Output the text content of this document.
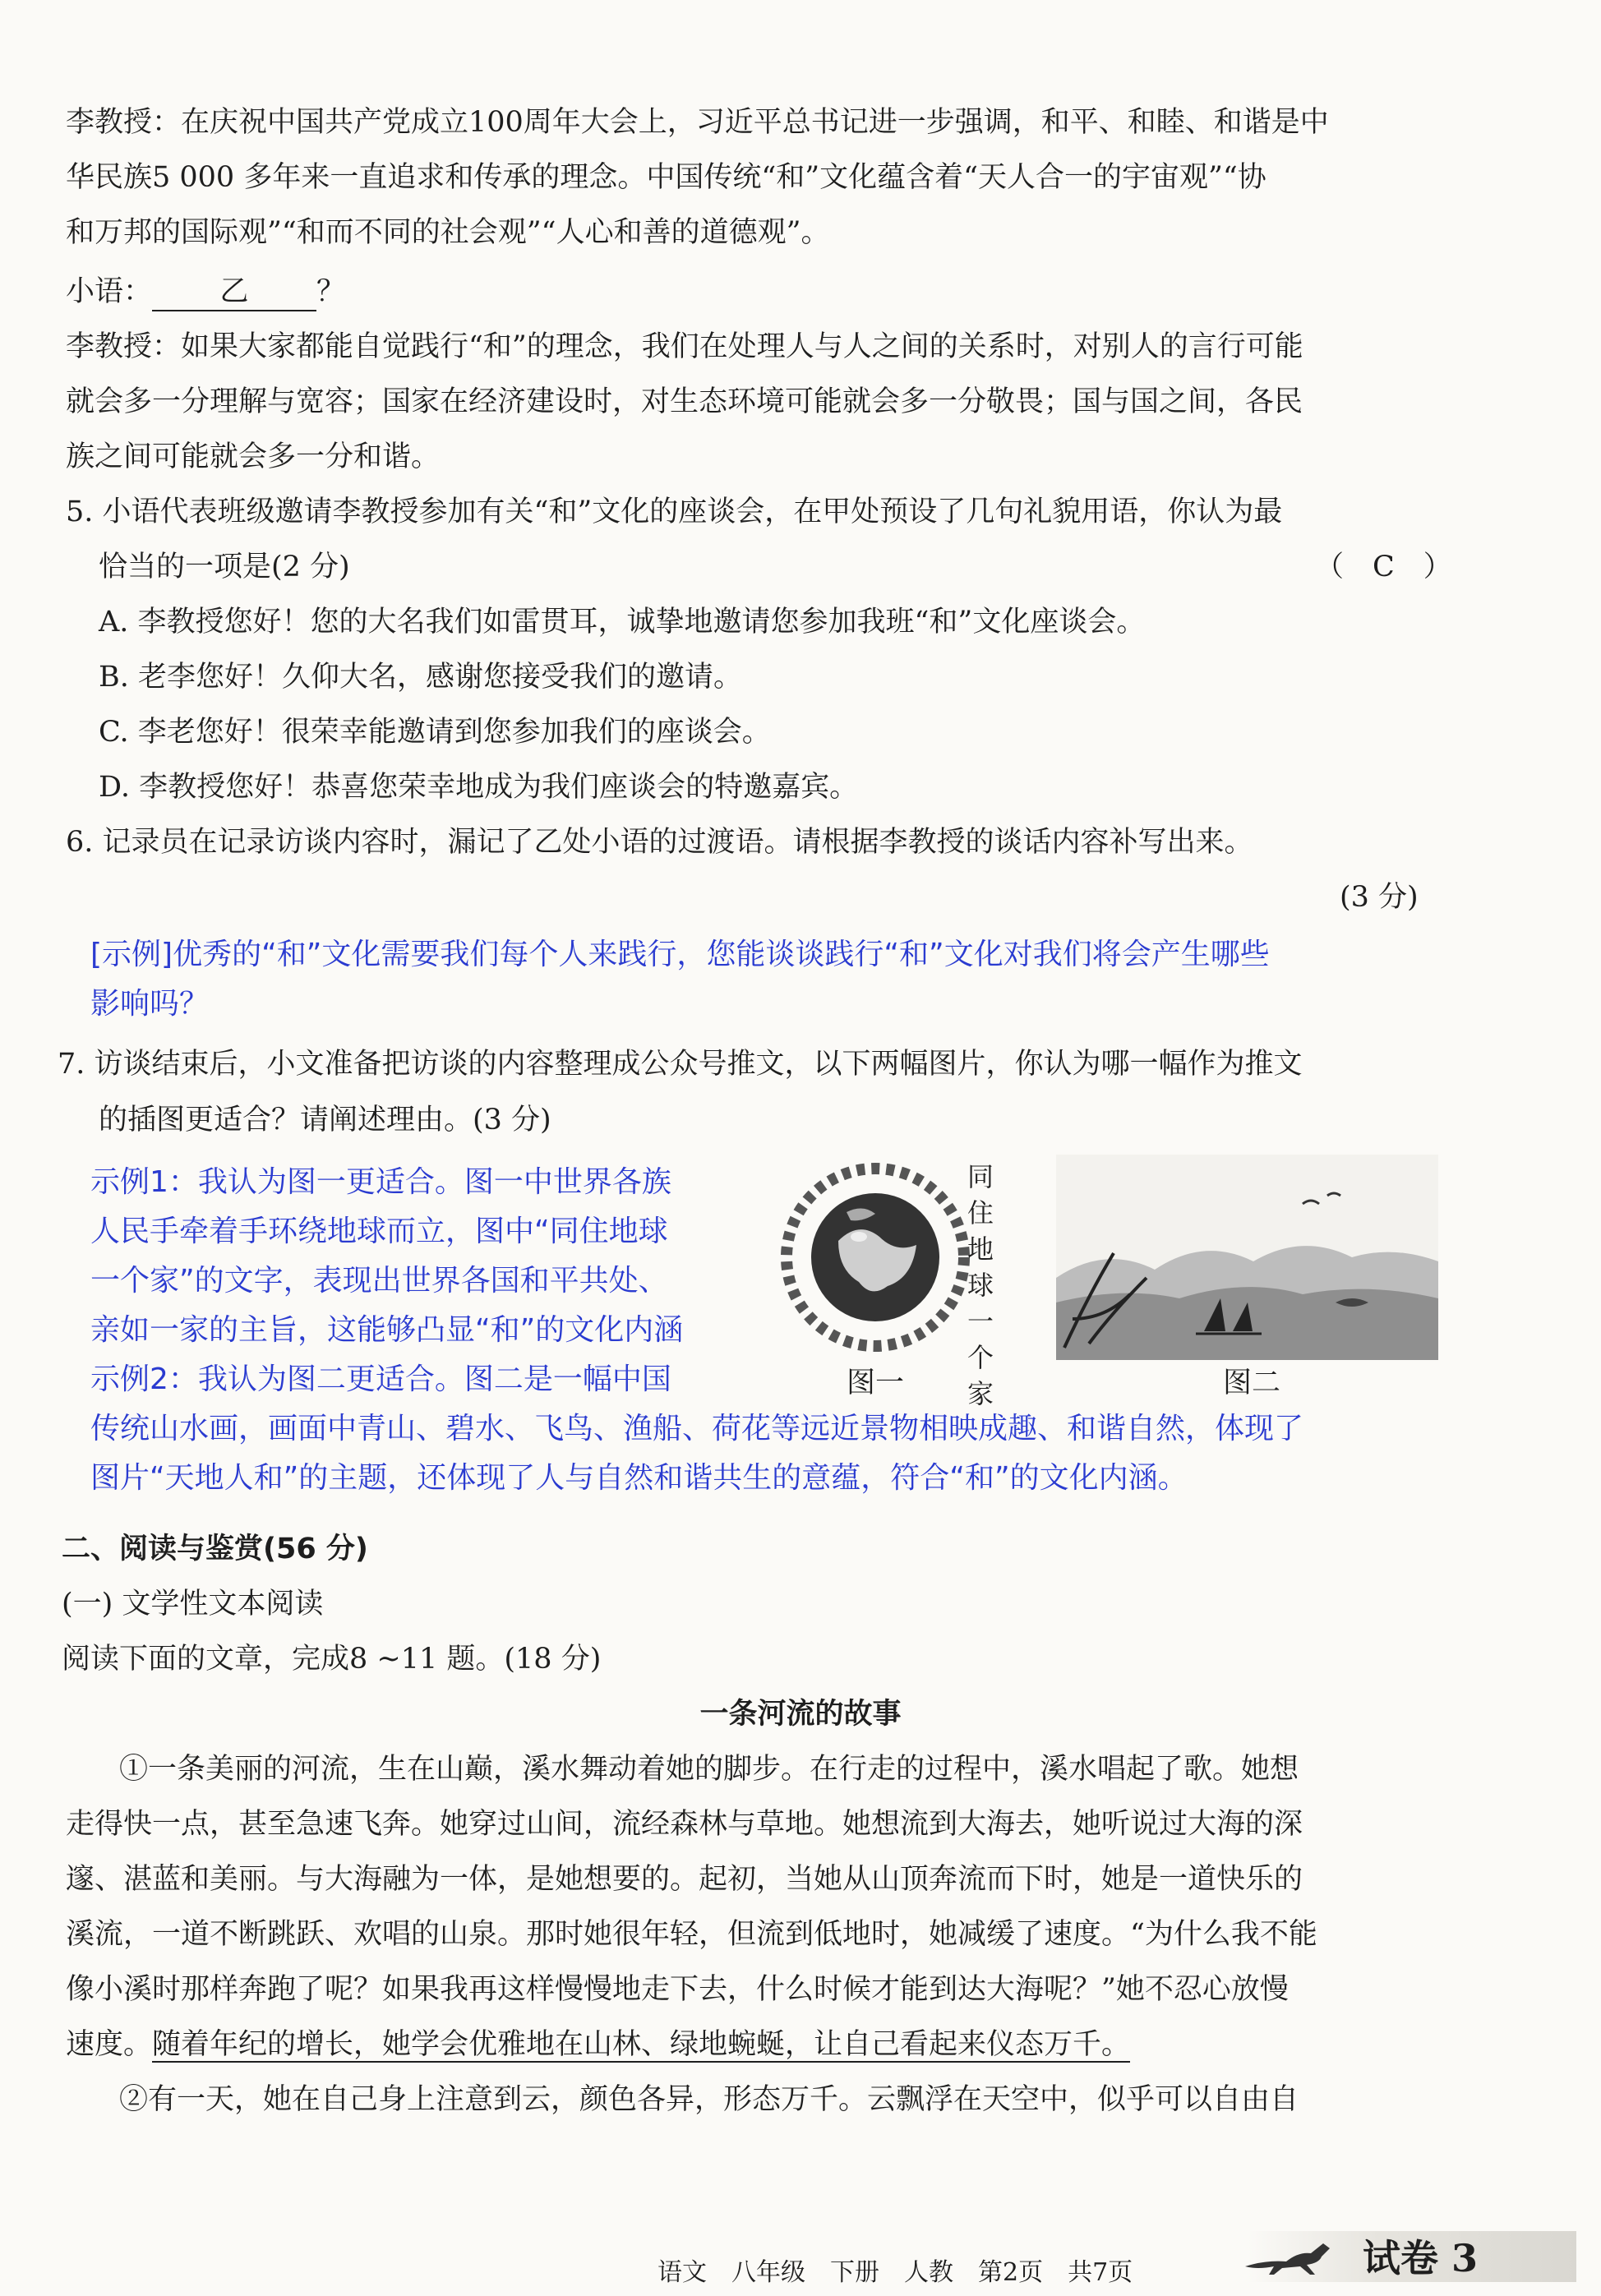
李教授：在庆祝中国共产党成立100周年大会上，习近平总书记进一步强调，和平、和睦、和谐是中
华民族5 000 多年来一直追求和传承的理念。中国传统“和”文化蕴含着“天人合一的宇宙观”“协
和万邦的国际观”“和而不同的社会观”“人心和善的道德观”。
小语： 乙 ？
李教授：如果大家都能自觉践行“和”的理念，我们在处理人与人之间的关系时，对别人的言行可能
就会多一分理解与宽容；国家在经济建设时，对生态环境可能就会多一分敬畏；国与国之间，各民
族之间可能就会多一分和谐。
5. 小语代表班级邀请李教授参加有关“和”文化的座谈会，在甲处预设了几句礼貌用语，你认为最
恰当的一项是(2 分)	（　C　）
A. 李教授您好！您的大名我们如雷贯耳，诚挚地邀请您参加我班“和”文化座谈会。
B. 老李您好！久仰大名，感谢您接受我们的邀请。
C. 李老您好！很荣幸能邀请到您参加我们的座谈会。
D. 李教授您好！恭喜您荣幸地成为我们座谈会的特邀嘉宾。
6. 记录员在记录访谈内容时，漏记了乙处小语的过渡语。请根据李教授的谈话内容补写出来。
(3 分)
[示例]优秀的“和”文化需要我们每个人来践行，您能谈谈践行“和”文化对我们将会产生哪些
影响吗？
7. 访谈结束后，小文准备把访谈的内容整理成公众号推文，以下两幅图片，你认为哪一幅作为推文
的插图更适合？请阐述理由。(3 分)
示例1：我认为图一更适合。图一中世界各族
人民手牵着手环绕地球而立，图中“同住地球
一个家”的文字，表现出世界各国和平共处、
亲如一家的主旨，这能够凸显“和”的文化内涵
示例2：我认为图二更适合。图二是一幅中国
传统山水画，画面中青山、碧水、飞鸟、渔船、荷花等远近景物相映成趣、和谐自然，体现了
图片“天地人和”的主题，还体现了人与自然和谐共生的意蕴，符合“和”的文化内涵。
同住地球一个家
图一	图二
二、阅读与鉴赏(56 分)
(一) 文学性文本阅读
阅读下面的文章，完成8 ~11 题。(18 分)
一条河流的故事
①一条美丽的河流，生在山巅，溪水舞动着她的脚步。在行走的过程中，溪水唱起了歌。她想
走得快一点，甚至急速飞奔。她穿过山间，流经森林与草地。她想流到大海去，她听说过大海的深
邃、湛蓝和美丽。与大海融为一体，是她想要的。起初，当她从山顶奔流而下时，她是一道快乐的
溪流，一道不断跳跃、欢唱的山泉。那时她很年轻，但流到低地时，她减缓了速度。“为什么我不能
像小溪时那样奔跑了呢？如果我再这样慢慢地走下去，什么时候才能到达大海呢？”她不忍心放慢
速度。随着年纪的增长，她学会优雅地在山林、绿地蜿蜒，让自己看起来仪态万千。
②有一天，她在自己身上注意到云，颜色各异，形态万千。云飘浮在天空中，似乎可以自由自
语文　八年级　下册　人教　第2页　共7页	试卷 3
